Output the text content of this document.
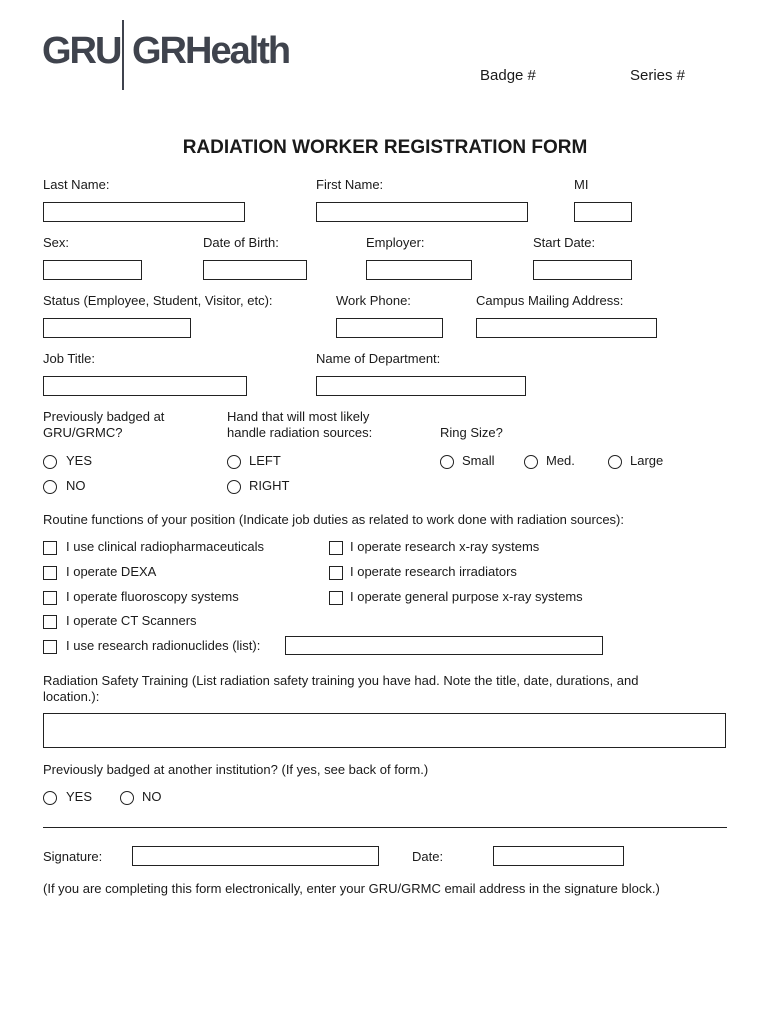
GRU GRHealth
Badge #	Series #
RADIATION WORKER REGISTRATION FORM
Last Name:	First Name:	MI
Sex:	Date of Birth:	Employer:	Start Date:
Status (Employee, Student, Visitor, etc):	Work Phone:	Campus Mailing Address:
Job Title:	Name of Department:
Previously badged at
GRU/GRMC?
Hand that will most likely
handle radiation sources:	Ring Size?
YES	LEFT	Small	Med.	Large
NO	RIGHT
Routine functions of your position (Indicate job duties as related to work done with radiation sources):
I use clinical radiopharmaceuticals	I operate research x-ray systems
I operate DEXA	I operate research irradiators
I operate fluoroscopy systems	I operate general purpose x-ray systems
I operate CT Scanners
I use research radionuclides (list):
Radiation Safety Training (List radiation safety training you have had. Note the title, date, durations, and
location.):
Previously badged at another institution? (If yes, see back of form.)
YES	NO
Signature:	Date:
(If you are completing this form electronically, enter your GRU/GRMC email address in the signature block.)
